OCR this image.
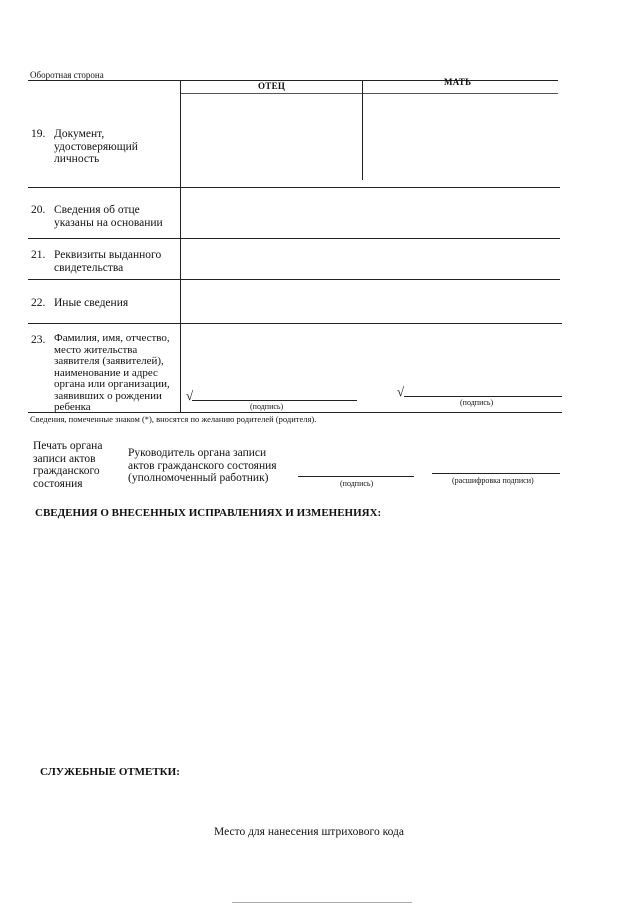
Оборотная сторона
ОТЕЦ	МАТЬ
19. Документ,
удостоверяющий
личность
20. Сведения об отце
указаны на основании
21. Реквизиты выданного
свидетельства
22. Иные сведения
23. Фамилия, имя, отчество,
место жительства
заявителя (заявителей),
наименование и адрес
органа или организации,
заявивших о рождении
ребенка
√
(подпись)
√
(подпись)
Сведения, помеченные знаком (*), вносятся по желанию родителей (родителя).
Печать органа
записи актов
гражданского
состояния
Руководитель органа записи
актов гражданского состояния
(уполномоченный работник)	(подпись)	(расшифровка подписи)
СВЕДЕНИЯ О ВНЕСЕННЫХ ИСПРАВЛЕНИЯХ И ИЗМЕНЕНИЯХ:
СЛУЖЕБНЫЕ ОТМЕТКИ:
Место для нанесения штрихового кода
